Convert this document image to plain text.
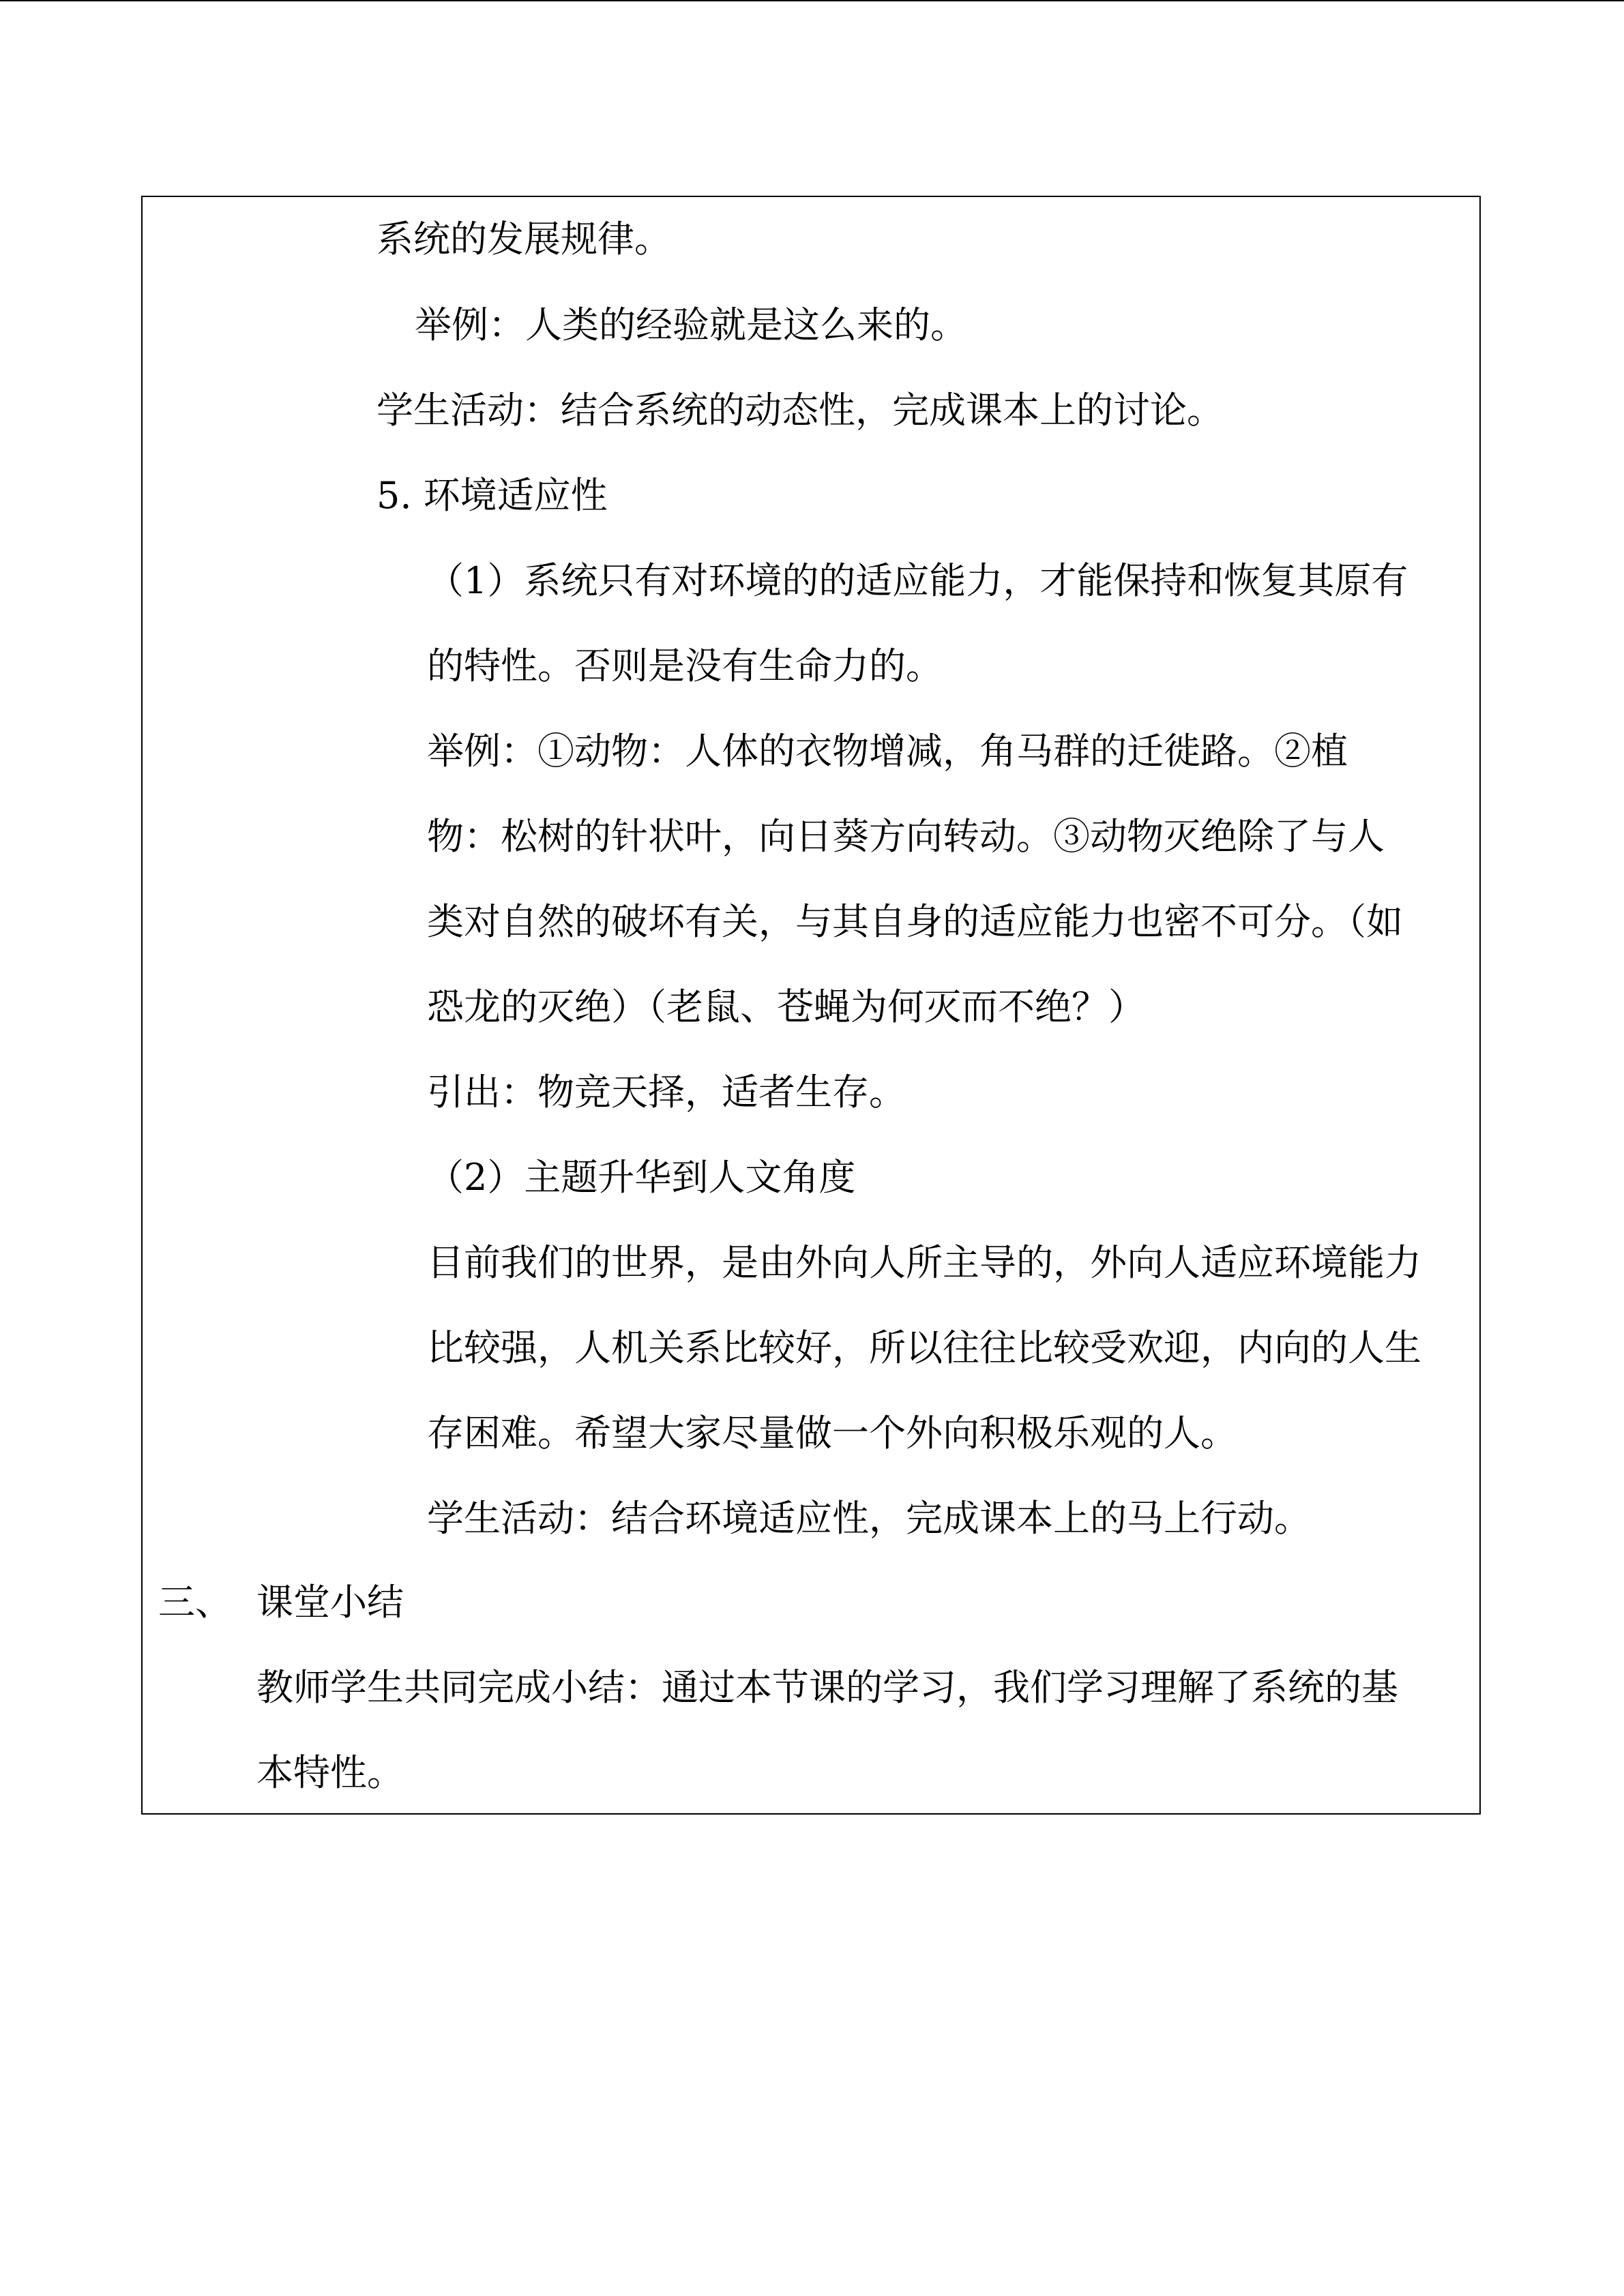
系统的发展规律。
举例：人类的经验就是这么来的。
学生活动：结合系统的动态性，完成课本上的讨论。
5. 环境适应性
（1）系统只有对环境的的适应能力，才能保持和恢复其原有
的特性。否则是没有生命力的。
举例：①动物：人体的衣物增减，角马群的迁徙路。②植
物：松树的针状叶，向日葵方向转动。③动物灭绝除了与人
类对自然的破坏有关，与其自身的适应能力也密不可分。（如
恐龙的灭绝）（老鼠、苍蝇为何灭而不绝？）
引出：物竞天择，适者生存。
（2）主题升华到人文角度
目前我们的世界，是由外向人所主导的，外向人适应环境能力
比较强，人机关系比较好，所以往往比较受欢迎，内向的人生
存困难。希望大家尽量做一个外向积极乐观的人。
学生活动：结合环境适应性，完成课本上的马上行动。
三、 课堂小结
教师学生共同完成小结：通过本节课的学习，我们学习理解了系统的基
本特性。
